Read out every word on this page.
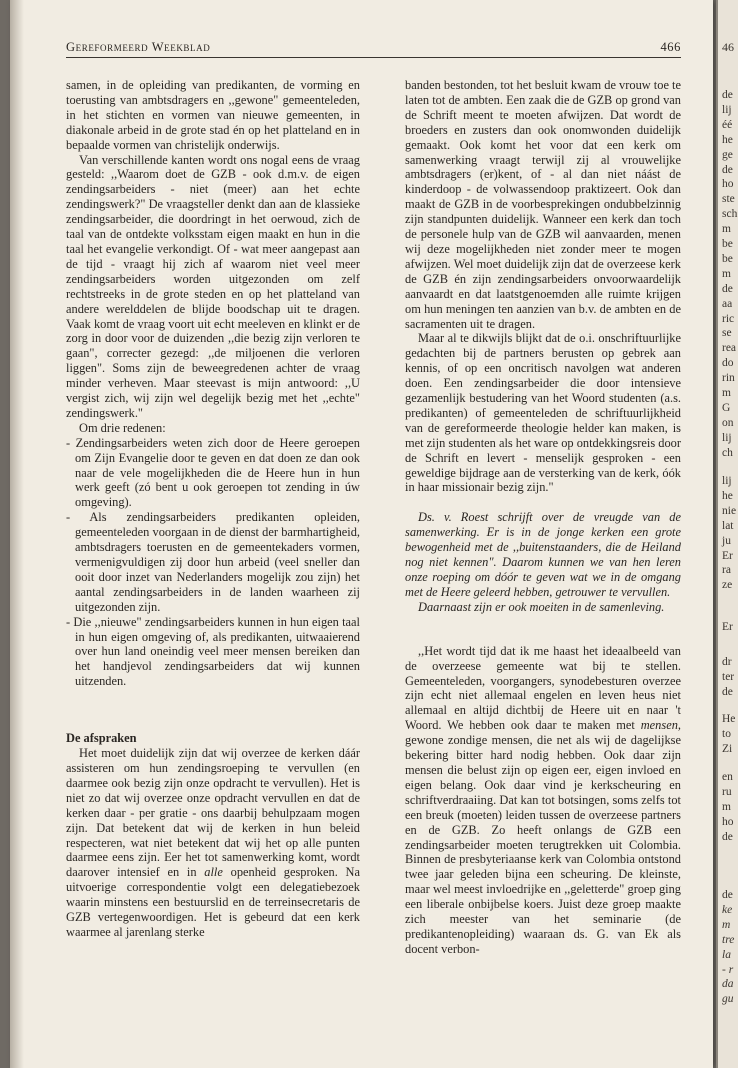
Gereformeerd Weekblad	466

samen, in de opleiding van predikanten, de vorming en toerusting van ambtsdragers en ,,gewone" gemeenteleden, in het stichten en vormen van nieuwe gemeenten, in diakonale arbeid in de grote stad én op het platteland en in bepaalde vormen van christelijk onderwijs.

Van verschillende kanten wordt ons nogal eens de vraag gesteld: ,,Waarom doet de GZB - ook d.m.v. de eigen zendingsarbeiders - niet (meer) aan het echte zendingswerk?" De vraagsteller denkt dan aan de klassieke zendingsarbeider, die doordringt in het oerwoud, zich de taal van de ontdekte volksstam eigen maakt en hun in die taal het evangelie verkondigt. Of - wat meer aangepast aan de tijd - vraagt hij zich af waarom niet veel meer zendingsarbeiders worden uitgezonden om zelf rechtstreeks in de grote steden en op het platteland van andere werelddelen de blijde boodschap uit te dragen. Vaak komt de vraag voort uit echt meeleven en klinkt er de zorg in door voor de duizenden ,,die bezig zijn verloren te gaan", correcter gezegd: ,,de miljoenen die verloren liggen". Soms zijn de beweegredenen achter de vraag minder verheven. Maar steevast is mijn antwoord: ,,U vergist zich, wij zijn wel degelijk bezig met het ,,echte" zendingswerk."

Om drie redenen:

- Zendingsarbeiders weten zich door de Heere geroepen om Zijn Evangelie door te geven en dat doen ze dan ook naar de vele mogelijkheden die de Heere hun in hun werk geeft (zó bent u ook geroepen tot zending in úw omgeving).
- Als zendingsarbeiders predikanten opleiden, gemeenteleden voorgaan in de dienst der barmhartigheid, ambtsdragers toerusten en de gemeentekaders vormen, vermenigvuldigen zij door hun arbeid (veel sneller dan ooit door inzet van Nederlanders mogelijk zou zijn) het aantal zendingsarbeiders in de landen waarheen zij uitgezonden zijn.
- Die ,,nieuwe" zendingsarbeiders kunnen in hun eigen taal in hun eigen omgeving of, als predikanten, uitwaaierend over hun land oneindig veel meer mensen bereiken dan het handjevol zendingsarbeiders dat wij kunnen uitzenden.
De afspraken

Het moet duidelijk zijn dat wij overzee de kerken dáár assisteren om hun zendingsroeping te vervullen (en daarmee ook bezig zijn onze opdracht te vervullen). Het is niet zo dat wij overzee onze opdracht vervullen en dat de kerken daar - per gratie - ons daarbij behulpzaam mogen zijn. Dat betekent dat wij de kerken in hun beleid respecteren, wat niet betekent dat wij het op alle punten daarmee eens zijn. Eer het tot samenwerking komt, wordt daarover intensief en in alle openheid gesproken. Na uitvoerige correspondentie volgt een delegatiebezoek waarin minstens een bestuurslid en de terreinsecretaris de GZB vertegenwoordigen. Het is gebeurd dat een kerk waarmee al jarenlang sterke

banden bestonden, tot het besluit kwam de vrouw toe te laten tot de ambten. Een zaak die de GZB op grond van de Schrift meent te moeten afwijzen. Dat wordt de broeders en zusters dan ook onomwonden duidelijk gemaakt. Ook komt het voor dat een kerk om samenwerking vraagt terwijl zij al vrouwelijke ambtsdragers (er)kent, of - al dan niet náást de kinderdoop - de volwassendoop praktizeert. Ook dan maakt de GZB in de voorbesprekingen ondubbelzinnig zijn standpunten duidelijk. Wanneer een kerk dan toch de personele hulp van de GZB wil aanvaarden, menen wij deze mogelijkheden niet zonder meer te mogen afwijzen. Wel moet duidelijk zijn dat de overzeese kerk de GZB én zijn zendingsarbeiders onvoorwaardelijk aanvaardt en dat laatstgenoemden alle ruimte krijgen om hun meningen ten aanzien van b.v. de ambten en de sacramenten uit te dragen.

Maar al te dikwijls blijkt dat de o.i. onschriftuurlijke gedachten bij de partners berusten op gebrek aan kennis, of op een oncritisch navolgen wat anderen doen. Een zendingsarbeider die door intensieve gezamenlijk bestudering van het Woord studenten (a.s. predikanten) of gemeenteleden de schriftuurlijkheid van de gereformeerde theologie helder kan maken, is met zijn studenten als het ware op ontdekkingsreis door de Schrift en levert - menselijk gesproken - een geweldige bijdrage aan de versterking van de kerk, óók in haar missionair bezig zijn."

Ds. v. Roest schrijft over de vreugde van de samenwerking. Er is in de jonge kerken een grote bewogenheid met de ,,buitenstaanders, die de Heiland nog niet kennen". Daarom kunnen we van hen leren onze roeping om dóór te geven wat we in de omgang met de Heere geleerd hebben, getrouwer te vervullen.

Daarnaast zijn er ook moeiten in de samenleving.

,,Het wordt tijd dat ik me haast het ideaalbeeld van de overzeese gemeente wat bij te stellen. Gemeenteleden, voorgangers, synodebesturen overzee zijn echt niet allemaal engelen en leven heus niet allemaal en altijd dichtbij de Heere uit en naar 't Woord. We hebben ook daar te maken met mensen, gewone zondige mensen, die net als wij de dagelijkse bekering bitter hard nodig hebben. Ook daar zijn mensen die belust zijn op eigen eer, eigen invloed en eigen belang. Ook daar vind je kerkscheuring en schriftverdraaiing. Dat kan tot botsingen, soms zelfs tot een breuk (moeten) leiden tussen de overzeese partners en de GZB. Zo heeft onlangs de GZB een zendingsarbeider moeten terugtrekken uit Colombia. Binnen de presbyteriaanse kerk van Colombia ontstond twee jaar geleden bijna een scheuring. De kleinste, maar wel meest invloedrijke en ,,geletterde" groep ging een liberale onbijbelse koers. Juist deze groep maakte zich meester van het seminarie (de predikantenopleiding) waaraan ds. G. van Ek als docent verbon-

46
de
lij
éé
he
ge
de
ho
ste
sch
m
be
be
m
de
aa
ric
se
rea
do
rin
m
G
on
lij
ch
lij
he
nie
lat
ju
Er
ra
ze
Er
dr
ter
de
He
to
Zi
en
ru
m
ho
de
de
ke
m
tre
la
- r
da
gu
